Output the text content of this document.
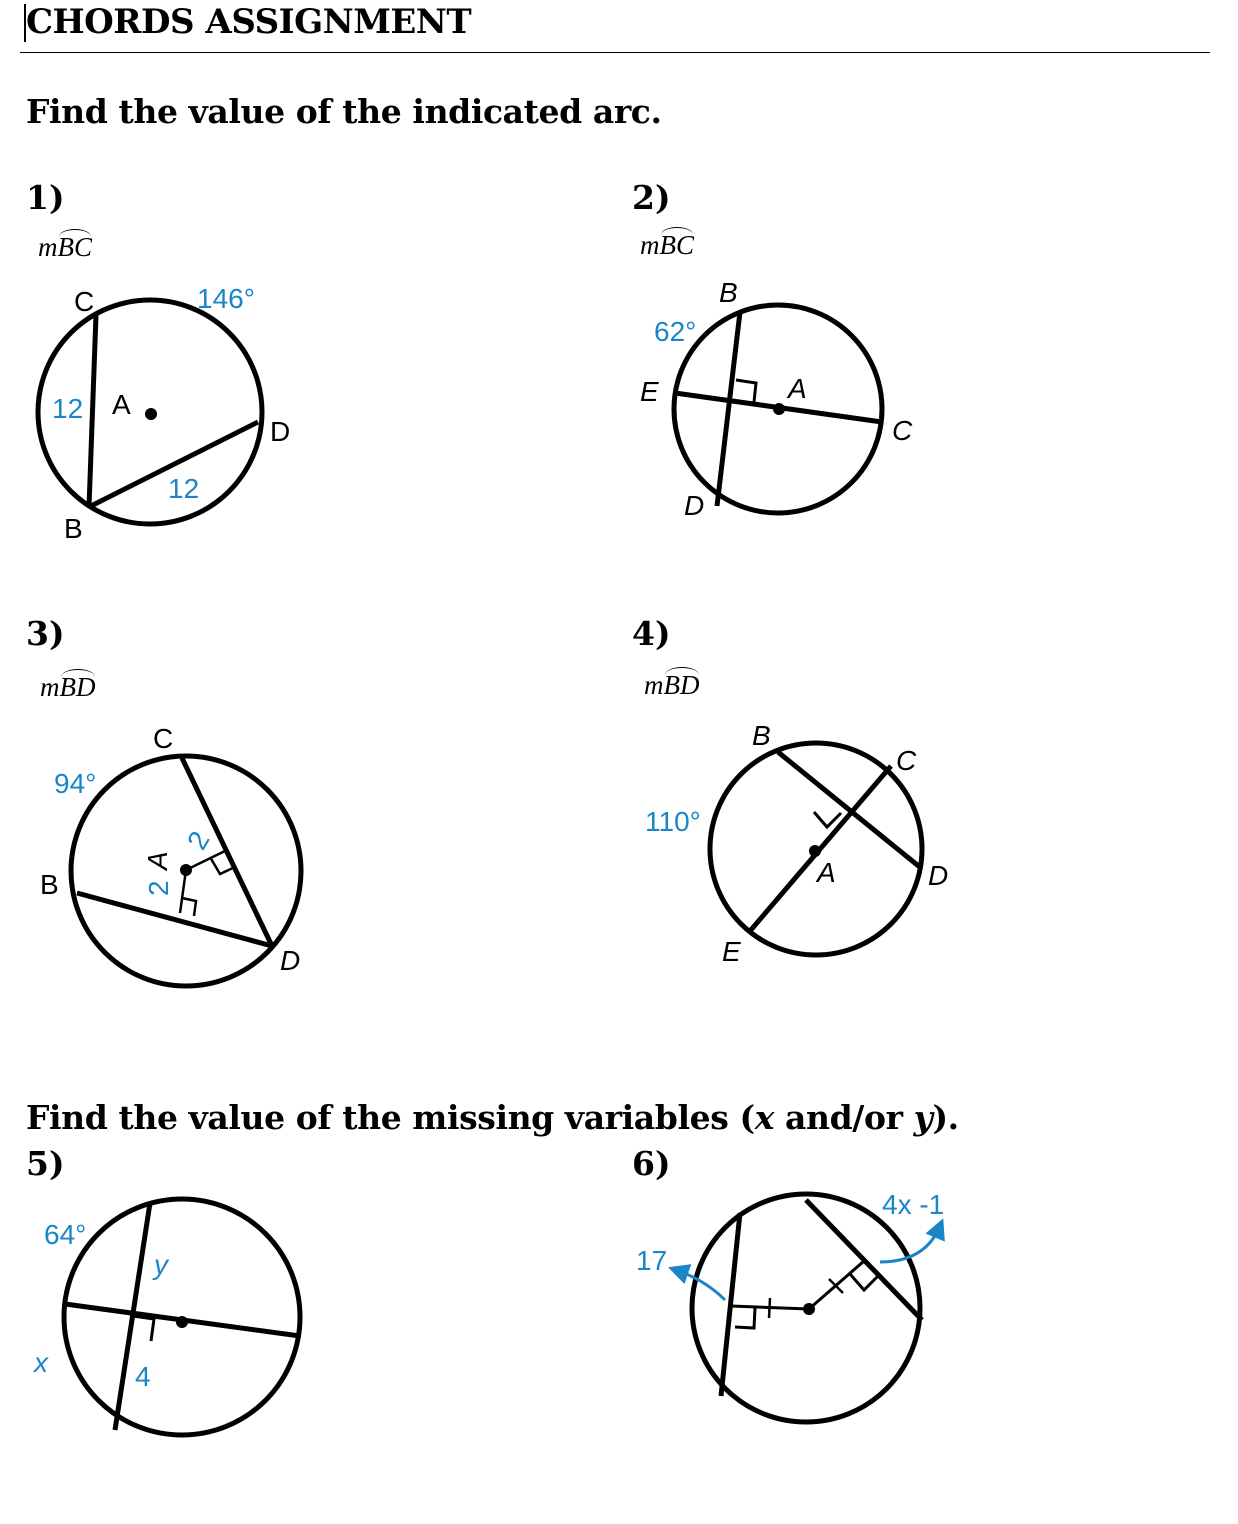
CHORDS ASSIGNMENT
Find the value of the indicated arc.
1)	2)
3)	4)
mBC	mBC
mBD	mBD
Find the value of the missing variables (x and/or y).
5)	6)
C
B
D
A
146°
12
12
B
E	A
C
D
62°
C
B
A
D
94°
2
2
B
C
A	D
E
110°
64°
y
x	4
17
4x -1
